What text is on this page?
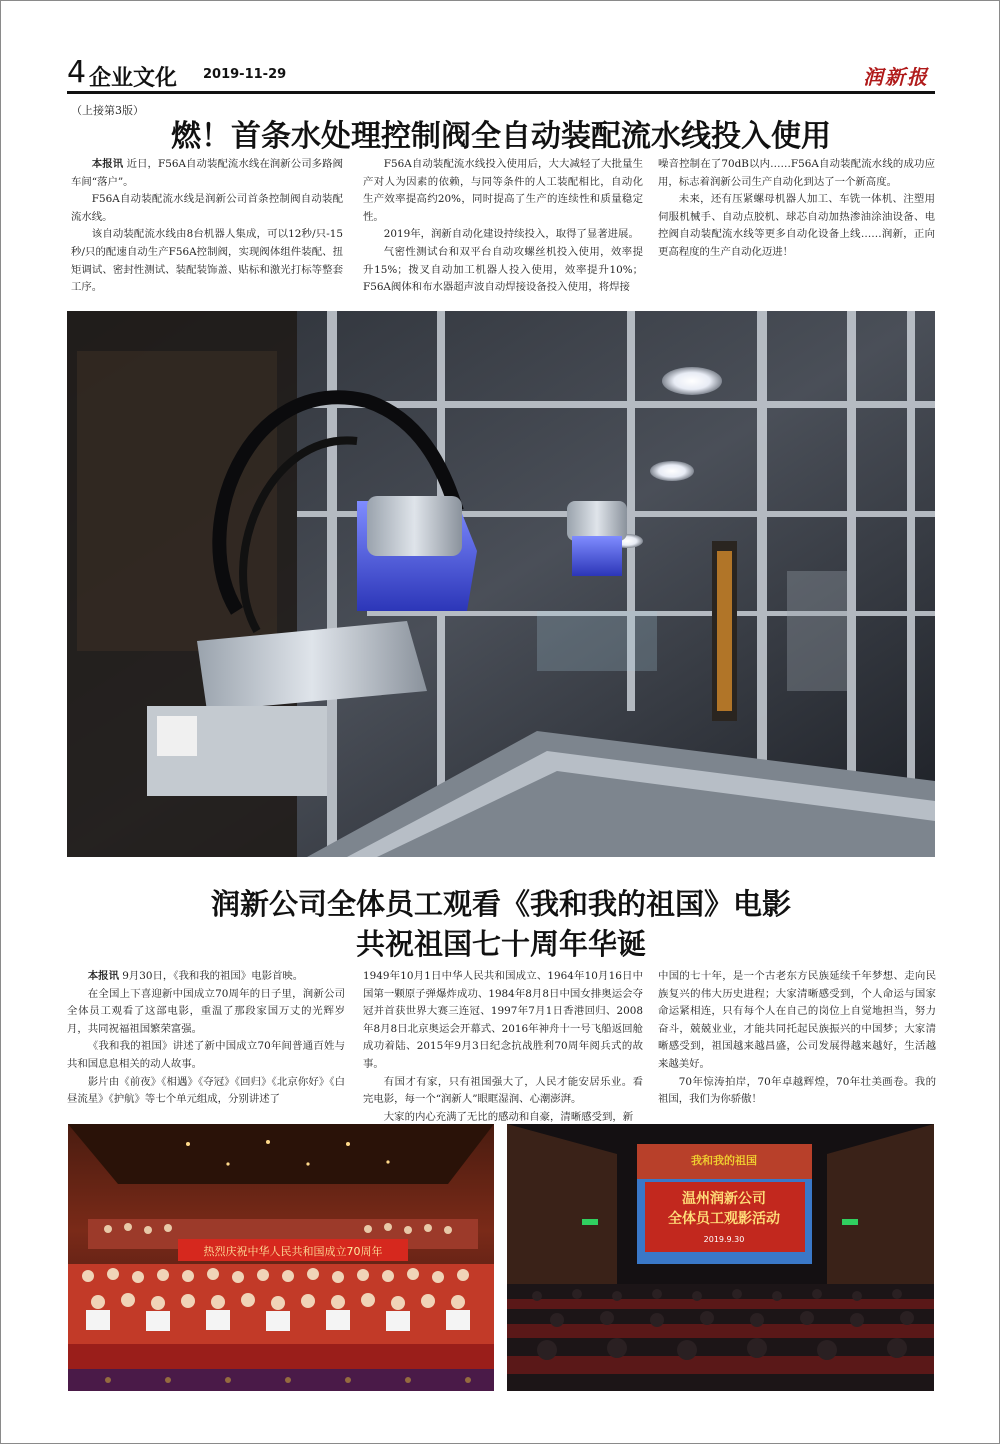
4 企业文化 2019-11-29	润新报
（上接第3版）
燃！首条水处理控制阀全自动装配流水线投入使用

本报讯 近日，F56A自动装配流水线在润新公司多路阀车间“落户”。

F56A自动装配流水线是润新公司首条控制阀自动装配流水线。

该自动装配流水线由8台机器人集成，可以12秒/只-15秒/只的配速自动生产F56A控制阀，实现阀体组件装配、扭矩调试、密封性测试、装配装饰盖、贴标和激光打标等整套工序。

F56A自动装配流水线投入使用后，大大减轻了大批量生产对人为因素的依赖，与同等条件的人工装配相比，自动化生产效率提高约20%，同时提高了生产的连续性和质量稳定性。

2019年，润新自动化建设持续投入，取得了显著进展。

气密性测试台和双平台自动攻螺丝机投入使用，效率提升15%；拨叉自动加工机器人投入使用，效率提升10%；F56A阀体和布水器超声波自动焊接设备投入使用，将焊接

噪音控制在了70dB以内……F56A自动装配流水线的成功应用，标志着润新公司生产自动化到达了一个新高度。

未来，还有压紧螺母机器人加工、车铣一体机、注塑用伺服机械手、自动点胶机、球芯自动加热渗油涂油设备、电控阀自动装配流水线等更多自动化设备上线……润新，正向更高程度的生产自动化迈进！

润新公司全体员工观看《我和我的祖国》电影
共祝祖国七十周年华诞

本报讯 9月30日，《我和我的祖国》电影首映。

在全国上下喜迎新中国成立70周年的日子里，润新公司全体员工观看了这部电影，重温了那段家国万丈的光辉岁月，共同祝福祖国繁荣富强。

《我和我的祖国》讲述了新中国成立70年间普通百姓与共和国息息相关的动人故事。

影片由《前夜》《相遇》《夺冠》《回归》《北京你好》《白昼流星》《护航》等七个单元组成，分别讲述了

1949年10月1日中华人民共和国成立、1964年10月16日中国第一颗原子弹爆炸成功、1984年8月8日中国女排奥运会夺冠并首获世界大赛三连冠、1997年7月1日香港回归、2008年8月8日北京奥运会开幕式、2016年神舟十一号飞船返回舱成功着陆、2015年9月3日纪念抗战胜利70周年阅兵式的故事。

有国才有家，只有祖国强大了，人民才能安居乐业。看完电影，每一个“润新人”眼眶湿润、心潮澎湃。

大家的内心充满了无比的感动和自豪，清晰感受到，新

中国的七十年，是一个古老东方民族延续千年梦想、走向民族复兴的伟大历史进程；大家清晰感受到，个人命运与国家命运紧相连，只有每个人在自己的岗位上自觉地担当，努力奋斗，兢兢业业，才能共同托起民族振兴的中国梦；大家清晰感受到，祖国越来越昌盛，公司发展得越来越好，生活越来越美好。

70年惊涛拍岸，70年卓越辉煌，70年壮美画卷。我的祖国，我们为你骄傲！

热烈庆祝中华人民共和国成立70周年
我和我的祖国
温州润新公司
全体员工观影活动
2019.9.30
